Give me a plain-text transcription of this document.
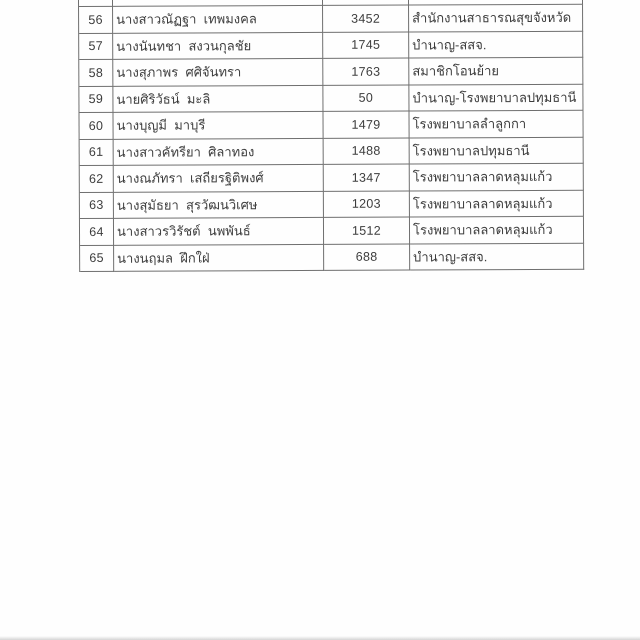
56	นางสาวณัฏฐา  เทพมงคล	3452	สำนักงานสาธารณสุขจังหวัด
57	นางนันทชา  สงวนกุลชัย	1745	บำนาญ-สสจ.
58	นางสุภาพร  ศศิจันทรา	1763	สมาชิกโอนย้าย
59	นายศิริวัธน์  มะลิ	50	บำนาญ-โรงพยาบาลปทุมธานี
60	นางบุญมี  มาบุรี	1479	โรงพยาบาลลำลูกกา
61	นางสาวคัทรียา  ศิลาทอง	1488	โรงพยาบาลปทุมธานี
62	นางณภัทรา  เสถียรฐิติพงศ์	1347	โรงพยาบาลลาดหลุมแก้ว
63	นางสุมัธยา  สุรวัฒนวิเศษ	1203	โรงพยาบาลลาดหลุมแก้ว
64	นางสาวรวิรัชต์  นพพันธ์	1512	โรงพยาบาลลาดหลุมแก้ว
65	นางนฤมล  ฝึกใฝ่	688	บำนาญ-สสจ.
